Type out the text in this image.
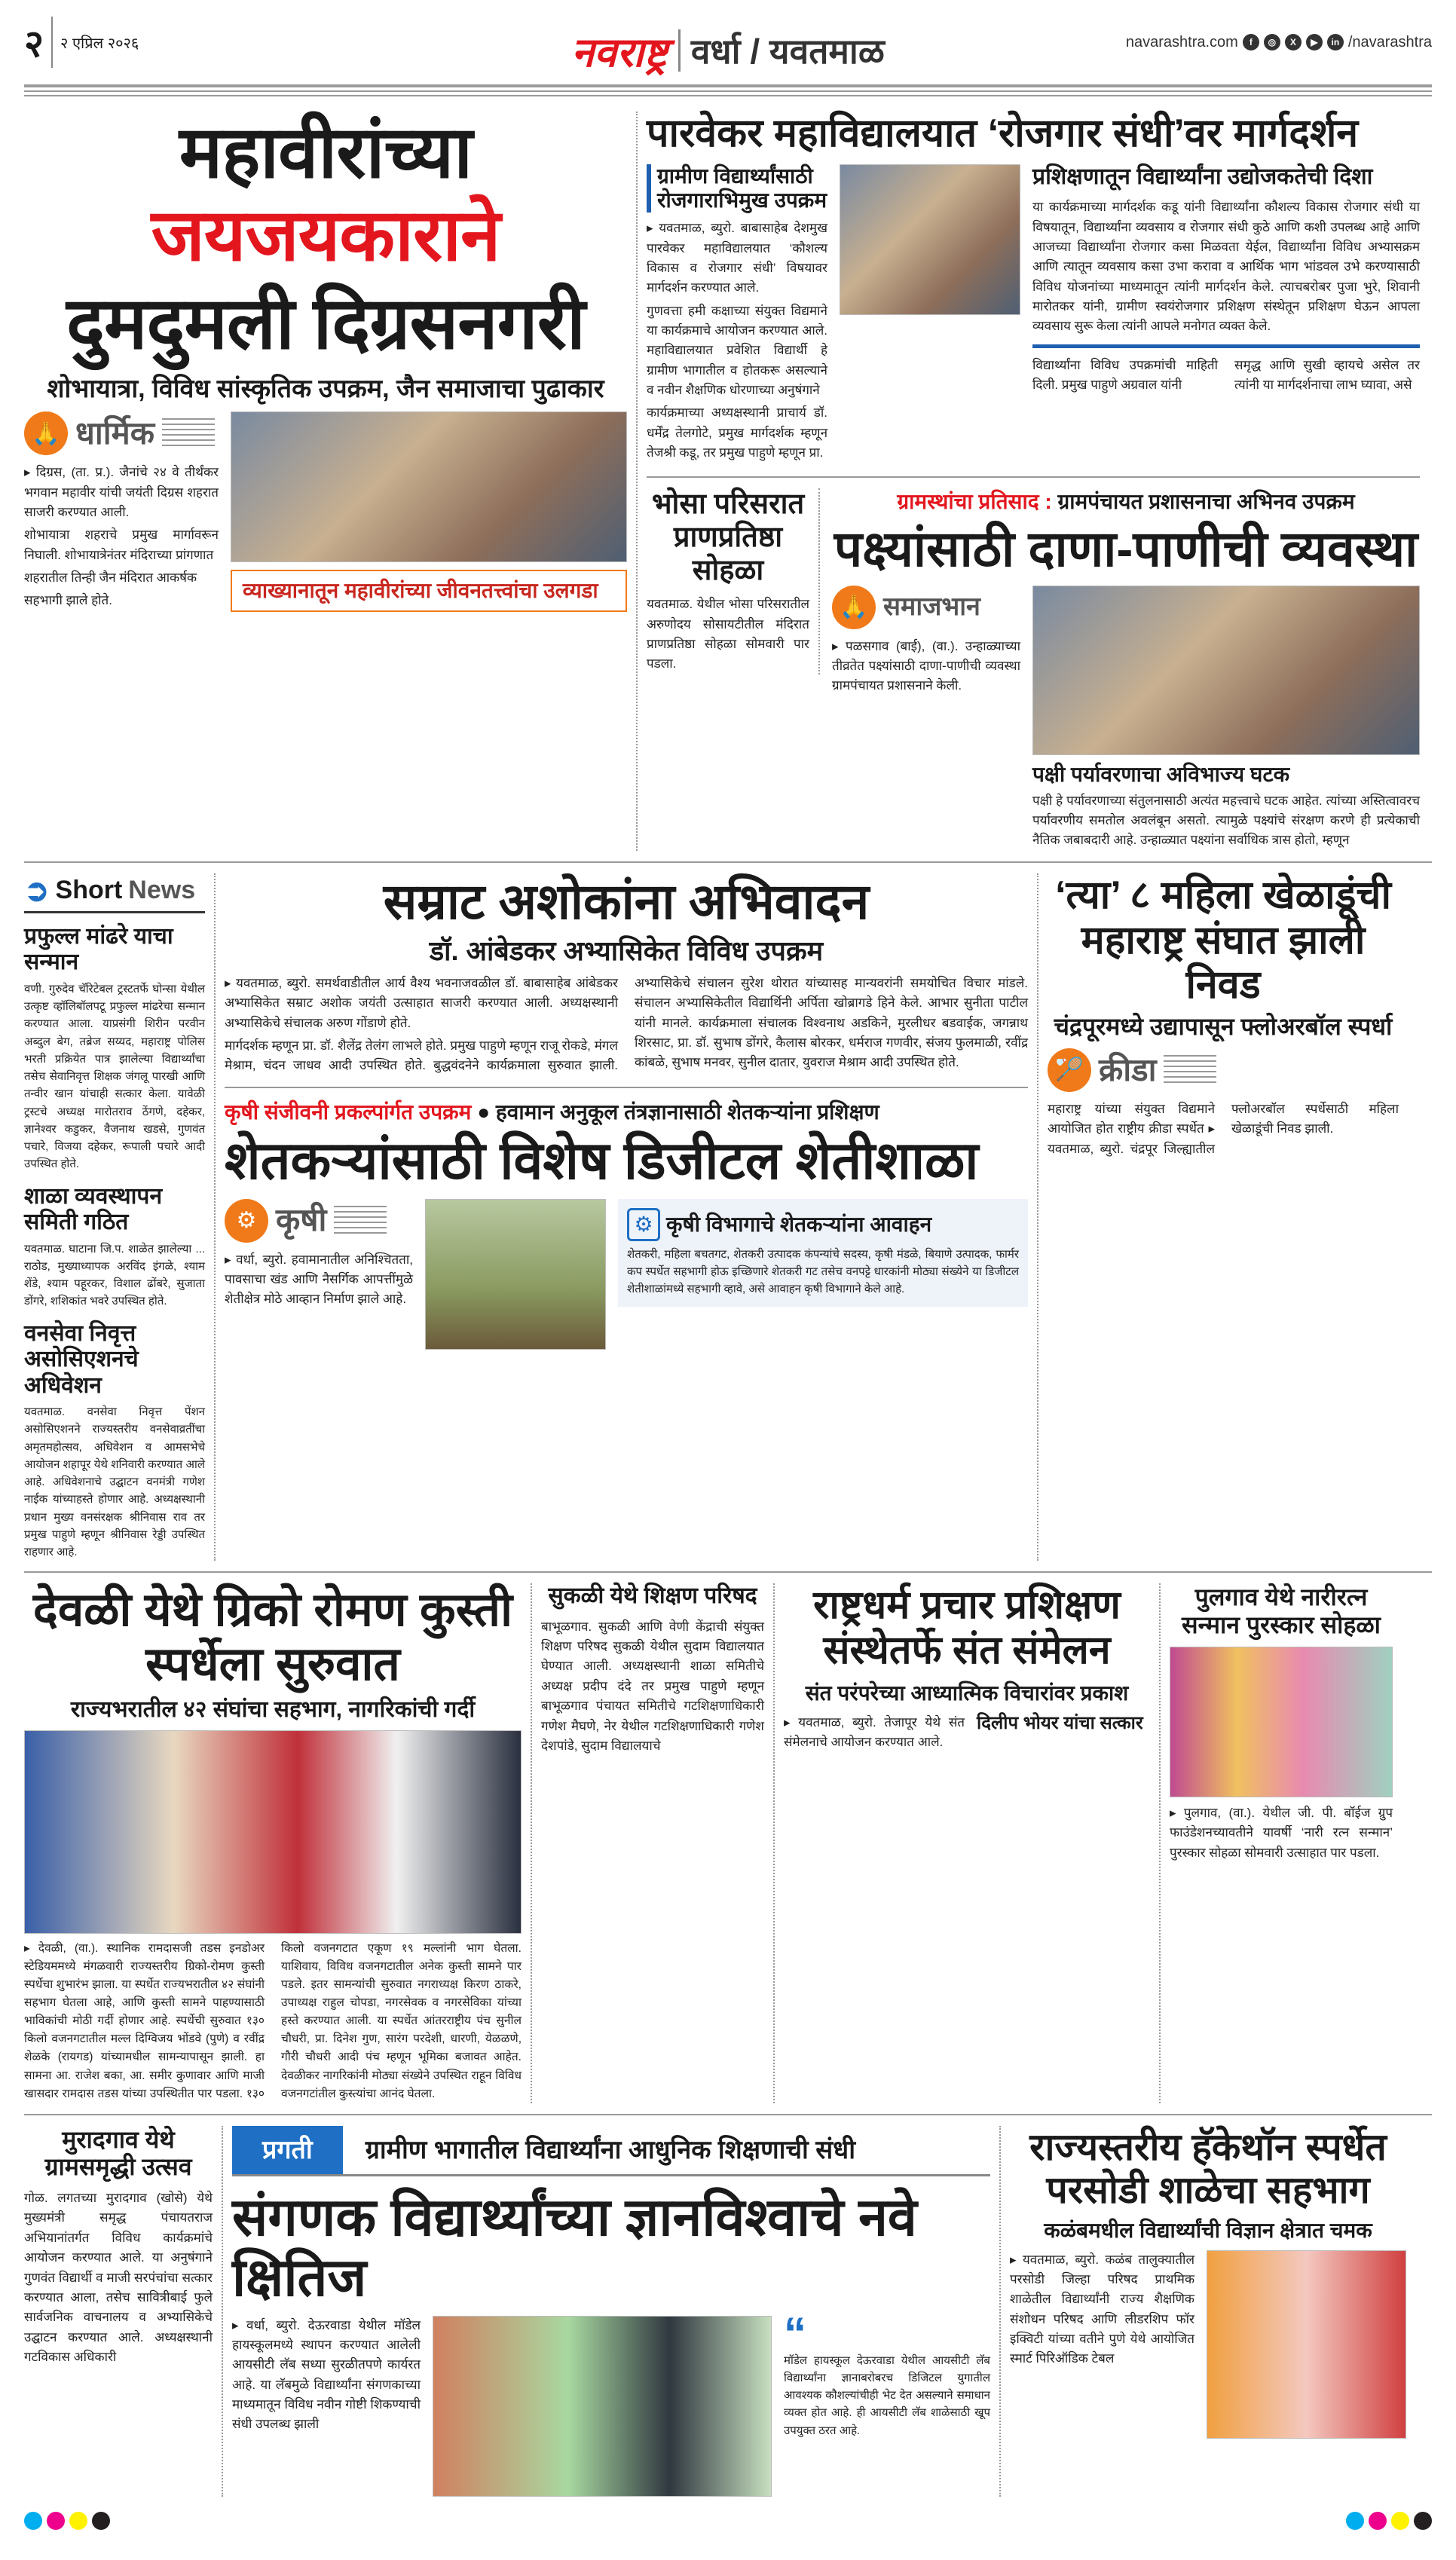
२	२ एप्रिल २०२६	नवराष्ट्र वर्धा / यवतमाळ	navarashtra.com	f	◎	X	▶	in /navarashtra
महावीरांच्या जयजयकाराने
दुमदुमली दिग्रसनगरी
शोभायात्रा, विविध सांस्कृतिक उपक्रम, जैन समाजाचा पुढाकार
🙏 धार्मिक

▸ दिग्रस, (ता. प्र.). जैनांचे २४ वे तीर्थंकर भगवान महावीर यांची जयंती दिग्रस शहरात साजरी करण्यात आली.

शोभायात्रा शहराचे प्रमुख मार्गावरून निघाली. शोभायात्रेनंतर मंदिराच्या प्रांगणात

शहरातील तिन्ही जैन मंदिरात आकर्षक

सहभागी झाले होते.	व्याख्यानातून महावीरांच्या जीवनतत्त्वांचा उलगडा
पारवेकर महाविद्यालयात ‘रोजगार संधी’वर मार्गदर्शन
ग्रामीण विद्यार्थ्यांसाठी रोजगाराभिमुख उपक्रम

▸ यवतमाळ, ब्युरो. बाबासाहेब देशमुख पारवेकर महाविद्यालयात ‘कौशल्य विकास व रोजगार संधी’ विषयावर मार्गदर्शन करण्यात आले.

गुणवत्ता हमी कक्षाच्या संयुक्त विद्यमाने या कार्यक्रमाचे आयोजन करण्यात आले. महाविद्यालयात प्रवेशित विद्यार्थी हे ग्रामीण भागातील व होतकरू असल्याने व नवीन शैक्षणिक धोरणाच्या अनुषंगाने

कार्यक्रमाच्या अध्यक्षस्थानी प्राचार्य डॉ. धर्मेंद्र तेलगोटे, प्रमुख मार्गदर्शक म्हणून तेजश्री कडू, तर प्रमुख पाहुणे म्हणून प्रा.

प्रशिक्षणातून विद्यार्थ्यांना उद्योजकतेची दिशा
या कार्यक्रमाच्या मार्गदर्शक कडू यांनी विद्यार्थ्यांना कौशल्य विकास रोजगार संधी या विषयातून, विद्यार्थ्यांना व्यवसाय व रोजगार संधी कुठे आणि कशी उपलब्ध आहे आणि आजच्या विद्यार्थ्यांना रोजगार कसा मिळवता येईल, विद्यार्थ्यांना विविध अभ्यासक्रम आणि त्यातून व्यवसाय कसा उभा करावा व आर्थिक भाग भांडवल उभे करण्यासाठी विविध योजनांच्या माध्यमातून त्यांनी मार्गदर्शन केले. त्याचबरोबर पुजा भुरे, शिवानी मारोतकर यांनी, ग्रामीण स्वयंरोजगार प्रशिक्षण संस्थेतून प्रशिक्षण घेऊन आपला व्यवसाय सुरू केला त्यांनी आपले मनोगत व्यक्त केले.

विद्यार्थ्यांना विविध उपक्रमांची माहिती दिली. प्रमुख पाहुणे अग्रवाल यांनी

समृद्ध आणि सुखी व्हायचे असेल तर त्यांनी या मार्गदर्शनाचा लाभ घ्यावा, असे

भोसा परिसरात प्राणप्रतिष्ठा सोहळा
यवतमाळ. येथील भोसा परिसरातील अरुणोदय सोसायटीतील मंदिरात प्राणप्रतिष्ठा सोहळा सोमवारी पार पडला.
ग्रामस्थांचा प्रतिसाद : ग्रामपंचायत प्रशासनाचा अभिनव उपक्रम
पक्ष्यांसाठी दाणा-पाणीची व्यवस्था
🙏 समाजभान
▸ पळसगाव (बाई), (वा.). उन्हाळ्याच्या तीव्रतेत पक्ष्यांसाठी दाणा-पाणीची व्यवस्था ग्रामपंचायत प्रशासनाने केली.
पक्षी पर्यावरणाचा अविभाज्य घटक
पक्षी हे पर्यावरणाच्या संतुलनासाठी अत्यंत महत्त्वाचे घटक आहेत. त्यांच्या अस्तित्वावरच पर्यावरणीय समतोल अवलंबून असतो. त्यामुळे पक्ष्यांचे संरक्षण करणे ही प्रत्येकाची नैतिक जबाबदारी आहे. उन्हाळ्यात पक्ष्यांना सर्वाधिक त्रास होतो, म्हणून
➲ Short News
प्रफुल्ल मांढरे याचा सन्मान
वणी. गुरुदेव चॅरिटेबल ट्रस्टतर्फे घोन्सा येथील उत्कृष्ट व्हॉलिबॉलपटू प्रफुल्ल मांढरेचा सन्मान करण्यात आला. याप्रसंगी शिरीन परवीन अब्दुल बेग, तब्रेज सय्यद, महाराष्ट्र पोलिस भरती प्रक्रियेत पात्र झालेल्या विद्यार्थ्यांचा तसेच सेवानिवृत्त शिक्षक जंगलू पारखी आणि तन्वीर खान यांचाही सत्कार केला. यावेळी ट्रस्टचे अध्यक्ष मारोतराव ठेंगणे, दहेकर, ज्ञानेश्वर कडुकर, वैजनाथ खडसे, गुणवंत पचारे, विजया दहेकर, रूपाली पचारे आदी उपस्थित होते.
शाळा व्यवस्थापन समिती गठित
यवतमाळ. घाटाना जि.प. शाळेत झालेल्या ... राठोड, मुख्याध्यापक अरविंद इंगळे, श्याम शेंडे, श्याम पहूरकर, विशाल ढोंबरे, सुजाता डोंगरे, शशिकांत भवरे उपस्थित होते.
वनसेवा निवृत्त असोसिएशनचे अधिवेशन
यवतमाळ. वनसेवा निवृत्त पेंशन असोसिएशनने राज्यस्तरीय वनसेवाव्रतींचा अमृतमहोत्सव, अधिवेशन व आमसभेचे आयोजन शहापूर येथे शनिवारी करण्यात आले आहे. अधिवेशनाचे उद्घाटन वनमंत्री गणेश नाईक यांच्याहस्ते होणार आहे. अध्यक्षस्थानी प्रधान मुख्य वनसंरक्षक श्रीनिवास राव तर प्रमुख पाहुणे म्हणून श्रीनिवास रेड्डी उपस्थित राहणार आहे.
सम्राट अशोकांना अभिवादन
डॉ. आंबेडकर अभ्यासिकेत विविध उपक्रम

▸ यवतमाळ, ब्युरो. समर्थवाडीतील आर्य वैश्य भवनाजवळील डॉ. बाबासाहेब आंबेडकर अभ्यासिकेत सम्राट अशोक जयंती उत्साहात साजरी करण्यात आली. अध्यक्षस्थानी अभ्यासिकेचे संचालक अरुण गोंडाणे होते.

मार्गदर्शक म्हणून प्रा. डॉ. शैलेंद्र तेलंग लाभले होते. प्रमुख पाहुणे म्हणून राजू रोकडे, मंगल मेश्राम, चंदन जाधव आदी उपस्थित होते. बुद्धवंदनेने कार्यक्रमाला सुरुवात झाली. अभ्यासिकेचे संचालन सुरेश थोरात यांच्यासह मान्यवरांनी समयोचित विचार मांडले. संचालन अभ्यासिकेतील विद्यार्थिनी अर्पिता खोब्रागडे हिने केले. आभार सुनीता पाटील यांनी मानले. कार्यक्रमाला संचालक विश्वनाथ अडकिने, मुरलीधर बडवाईक, जगन्नाथ शिरसाट, प्रा. डॉ. सुभाष डोंगरे, कैलास बोरकर, धर्मराज गणवीर, संजय फुलमाळी, रवींद्र कांबळे, सुभाष मनवर, सुनील दातार, युवराज मेश्राम आदी उपस्थित होते.

कृषी संजीवनी प्रकल्पांर्गत उपक्रम ● हवामान अनुकूल तंत्रज्ञानासाठी शेतकऱ्यांना प्रशिक्षण
शेतकऱ्यांसाठी विशेष डिजीटल शेतीशाळा
⚙ कृषी
▸ वर्धा, ब्युरो. हवामानातील अनिश्चितता, पावसाचा खंड आणि नैसर्गिक आपत्तींमुळे शेतीक्षेत्र मोठे आव्हान निर्माण झाले आहे.
⚙ कृषी विभागाचे शेतकऱ्यांना आवाहन
शेतकरी, महिला बचतगट, शेतकरी उत्पादक कंपन्यांचे सदस्य, कृषी मंडळे, बियाणे उत्पादक, फार्मर कप स्पर्धेत सहभागी होऊ इच्छिणारे शेतकरी गट तसेच वनपट्टे धारकांनी मोठ्या संख्येने या डिजीटल शेतीशाळांमध्ये सहभागी व्हावे, असे आवाहन कृषी विभागाने केले आहे.
‘त्या’ ८ महिला खेळाडूंची महाराष्ट्र संघात झाली निवड
चंद्रपूरमध्ये उद्यापासून फ्लोअरबॉल स्पर्धा
🏸 क्रीडा
महाराष्ट्र यांच्या संयुक्त विद्यमाने आयोजित होत राष्ट्रीय क्रीडा स्पर्धेत ▸ यवतमाळ, ब्युरो. चंद्रपूर जिल्ह्यातील फ्लोअरबॉल स्पर्धेसाठी महिला खेळाडूंची निवड झाली.
देवळी येथे ग्रिको रोमण कुस्ती स्पर्धेला सुरुवात
राज्यभरातील ४२ संघांचा सहभाग, नागरिकांची गर्दी
▸ देवळी, (वा.). स्थानिक रामदासजी तडस इनडोअर स्टेडियममध्ये मंगळवारी राज्यस्तरीय ग्रिको-रोमण कुस्ती स्पर्धेचा शुभारंभ झाला. या स्पर्धेत राज्यभरातील ४२ संघांनी सहभाग घेतला आहे, आणि कुस्ती सामने पाहण्यासाठी भाविकांची मोठी गर्दी होणार आहे. स्पर्धेची सुरुवात १३० किलो वजनगटातील मल्ल दिग्विजय भोंडवे (पुणे) व रवींद्र शेळके (रायगड) यांच्यामधील सामन्यापासून झाली. हा सामना आ. राजेश बका, आ. समीर कुणावार आणि माजी खासदार रामदास तडस यांच्या उपस्थितीत पार पडला. १३० किलो वजनगटात एकूण १९ मल्लांनी भाग घेतला. याशिवाय, विविध वजनगटातील अनेक कुस्ती सामने पार पडले. इतर सामन्यांची सुरुवात नगराध्यक्ष किरण ठाकरे, उपाध्यक्ष राहुल चोपडा, नगरसेवक व नगरसेविका यांच्या हस्ते करण्यात आली. या स्पर्धेत आंतरराष्ट्रीय पंच सुनील चौधरी, प्रा. दिनेश गुण, सारंग परदेशी, धारणी, येळळणे, गौरी चौधरी आदी पंच म्हणून भूमिका बजावत आहेत. देवळीकर नागरिकांनी मोठ्या संख्येने उपस्थित राहून विविध वजनगटांतील कुस्त्यांचा आनंद घेतला.
सुकळी येथे शिक्षण परिषद
बाभूळगाव. सुकळी आणि वेणी केंद्राची संयुक्त शिक्षण परिषद सुकळी येथील सुदाम विद्यालयात घेण्यात आली. अध्यक्षस्थानी शाळा समितीचे अध्यक्ष प्रदीप दंदे तर प्रमुख पाहुणे म्हणून बाभूळगाव पंचायत समितीचे गटशिक्षणाधिकारी गणेश मैघणे, नेर येथील गटशिक्षणाधिकारी गणेश देशपांडे, सुदाम विद्यालयाचे
राष्ट्रधर्म प्रचार प्रशिक्षण संस्थेतर्फे संत संमेलन
संत परंपरेच्या आध्यात्मिक विचारांवर प्रकाश
▸ यवतमाळ, ब्युरो. तेजापूर येथे संत संमेलनाचे आयोजन करण्यात आले.
दिलीप भोयर यांचा सत्कार
पुलगाव येथे नारीरत्न सन्मान पुरस्कार सोहळा
▸ पुलगाव, (वा.). येथील जी. पी. बॉईज ग्रुप फाउंडेशनच्यावतीने यावर्षी ‘नारी रत्न सन्मान’ पुरस्कार सोहळा सोमवारी उत्साहात पार पडला.
मुरादगाव येथे ग्रामसमृद्धी उत्सव
गोळ. लगतच्या मुरादगाव (खोसे) येथे मुख्यमंत्री समृद्ध पंचायतराज अभियानांतर्गत विविध कार्यक्रमांचे आयोजन करण्यात आले. या अनुषंगाने गुणवंत विद्यार्थी व माजी सरपंचांचा सत्कार करण्यात आला, तसेच सावित्रीबाई फुले सार्वजनिक वाचनालय व अभ्यासिकेचे उद्घाटन करण्यात आले. अध्यक्षस्थानी गटविकास अधिकारी
प्रगती	ग्रामीण भागातील विद्यार्थ्यांना आधुनिक शिक्षणाची संधी
संगणक विद्यार्थ्यांच्या ज्ञानविश्वाचे नवे क्षितिज
▸ वर्धा, ब्युरो. देऊरवाडा येथील मॉडेल हायस्कूलमध्ये स्थापन करण्यात आलेली आयसीटी लॅब सध्या सुरळीतपणे कार्यरत आहे. या लॅबमुळे विद्यार्थ्यांना संगणकाच्या माध्यमातून विविध नवीन गोष्टी शिकण्याची संधी उपलब्ध झाली
“
मॉडेल हायस्कूल देऊरवाडा येथील आयसीटी लॅब विद्यार्थ्यांना ज्ञानाबरोबरच डिजिटल युगातील आवश्यक कौशल्यांचीही भेट देत असल्याने समाधान व्यक्त होत आहे. ही आयसीटी लॅब शाळेसाठी खूप उपयुक्त ठरत आहे.
राज्यस्तरीय हॅकेथॉन स्पर्धेत परसोडी शाळेचा सहभाग
कळंबमधील विद्यार्थ्यांची विज्ञान क्षेत्रात चमक
▸ यवतमाळ, ब्युरो. कळंब तालुक्यातील परसोडी जिल्हा परिषद प्राथमिक शाळेतील विद्यार्थ्यांनी राज्य शैक्षणिक संशोधन परिषद आणि लीडरशिप फॉर इक्विटी यांच्या वतीने पुणे येथे आयोजित स्मार्ट पिरिऑडिक टेबल
